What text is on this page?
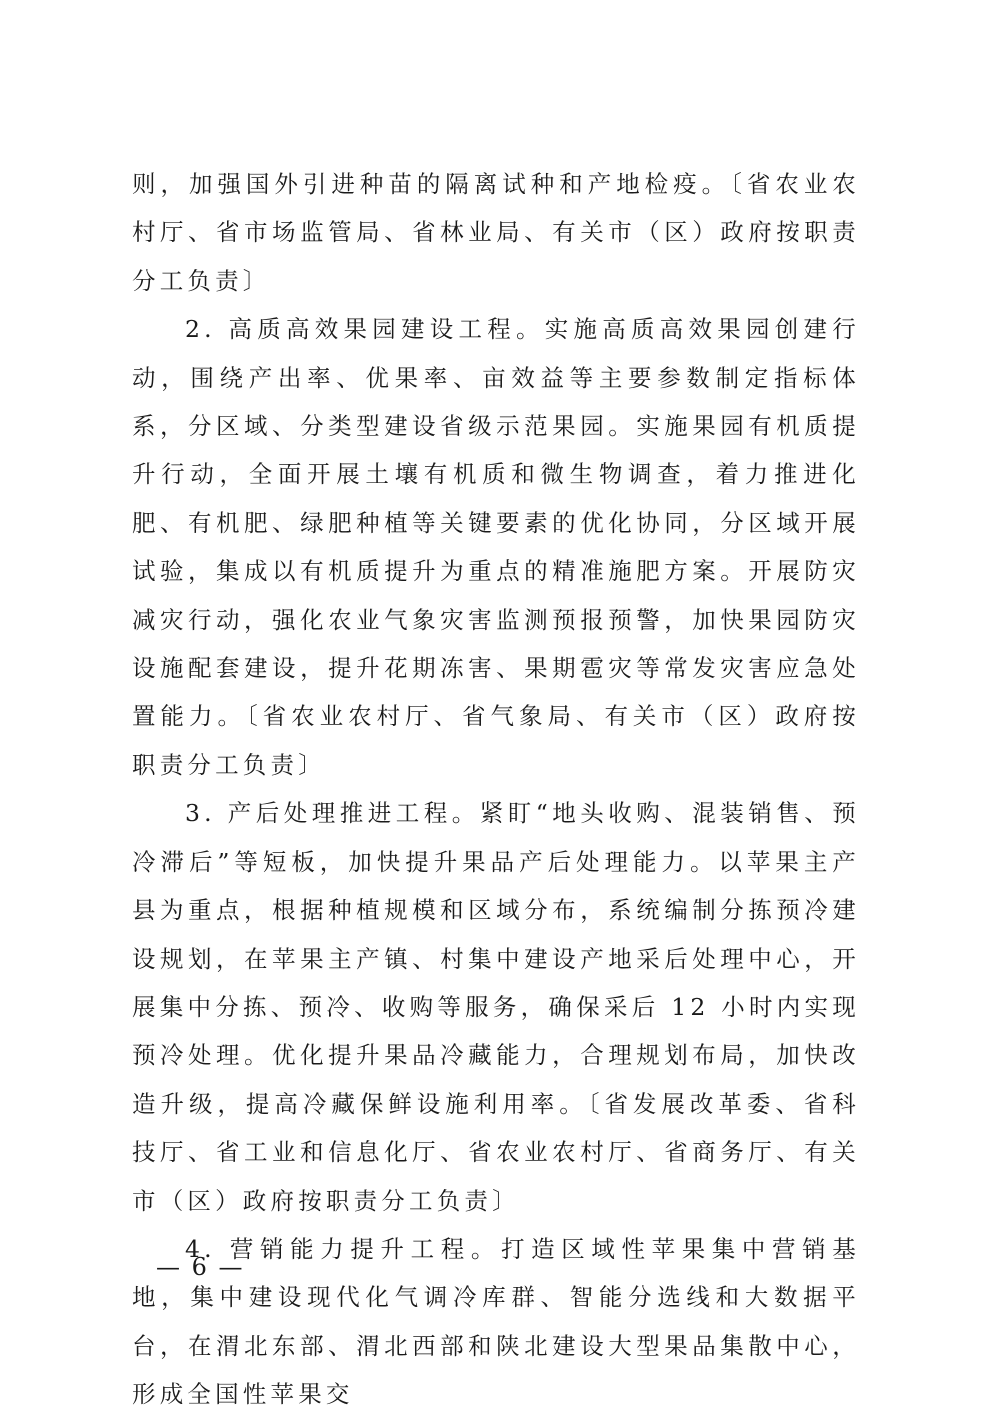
则，加强国外引进种苗的隔离试种和产地检疫。〔省农业农村厅、省市场监管局、省林业局、有关市（区）政府按职责分工负责〕

2. 高质高效果园建设工程。实施高质高效果园创建行动，围绕产出率、优果率、亩效益等主要参数制定指标体系，分区域、分类型建设省级示范果园。实施果园有机质提升行动，全面开展土壤有机质和微生物调查，着力推进化肥、有机肥、绿肥种植等关键要素的优化协同，分区域开展试验，集成以有机质提升为重点的精准施肥方案。开展防灾减灾行动，强化农业气象灾害监测预报预警，加快果园防灾设施配套建设，提升花期冻害、果期雹灾等常发灾害应急处置能力。〔省农业农村厅、省气象局、有关市（区）政府按职责分工负责〕

3. 产后处理推进工程。紧盯“地头收购、混装销售、预冷滞后”等短板，加快提升果品产后处理能力。以苹果主产县为重点，根据种植规模和区域分布，系统编制分拣预冷建设规划，在苹果主产镇、村集中建设产地采后处理中心，开展集中分拣、预冷、收购等服务，确保采后 12 小时内实现预冷处理。优化提升果品冷藏能力，合理规划布局，加快改造升级，提高冷藏保鲜设施利用率。〔省发展改革委、省科技厅、省工业和信息化厅、省农业农村厅、省商务厅、有关市（区）政府按职责分工负责〕

4. 营销能力提升工程。打造区域性苹果集中营销基地，集中建设现代化气调冷库群、智能分选线和大数据平台，在渭北东部、渭北西部和陕北建设大型果品集散中心，形成全国性苹果交

— 6 —
